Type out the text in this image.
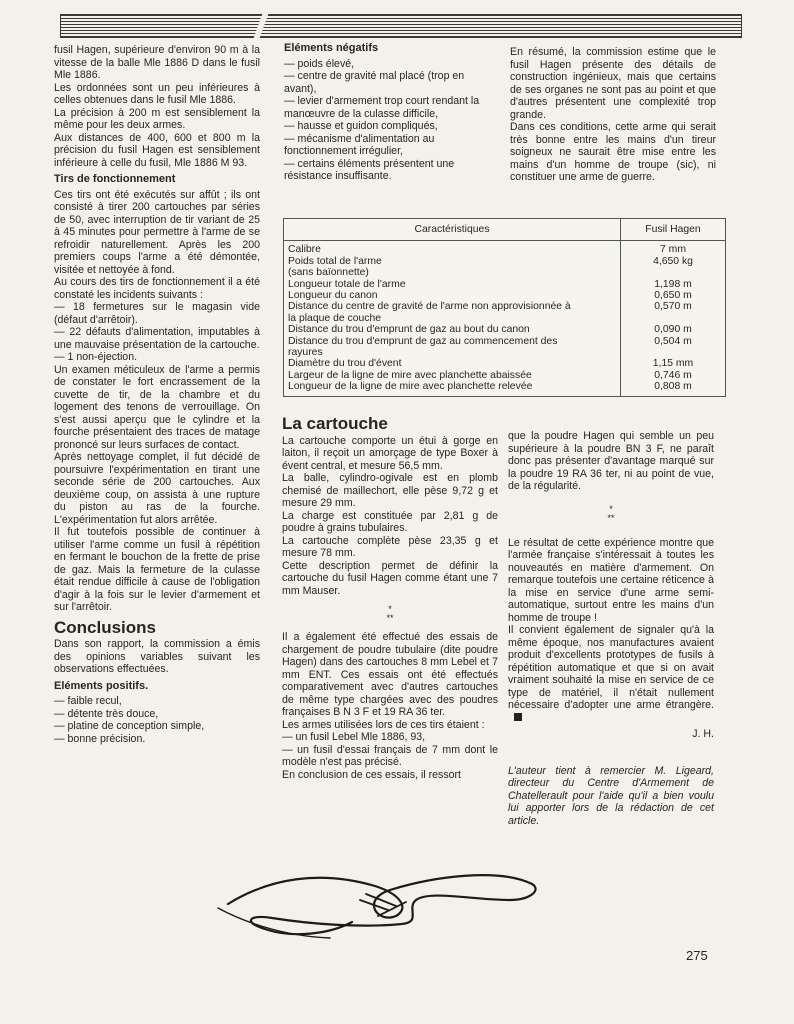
fusil Hagen, supérieure d'environ 90 m à la vitesse de la balle Mle 1886 D dans le fusil Mle 1886.

Les ordonnées sont un peu inférieures à celles obtenues dans le fusil Mle 1886.

La précision à 200 m est sensiblement la même pour les deux armes.

Aux distances de 400, 600 et 800 m la précision du fusil Hagen est sensiblement inférieure à celle du fusil, Mle 1886 M 93.

Tirs de fonctionnement

Ces tirs ont été exécutés sur affût ; ils ont consisté à tirer 200 cartouches par séries de 50, avec interruption de tir variant de 25 à 45 minutes pour permettre à l'arme de se refroidir naturellement. Après les 200 premiers coups l'arme a été démontée, visitée et nettoyée à fond.

Au cours des tirs de fonctionnement il a été constaté les incidents suivants :

— 18 fermetures sur le magasin vide (défaut d'arrêtoir).

— 22 défauts d'alimentation, imputables à une mauvaise présentation de la cartouche.

— 1 non-éjection.

Un examen méticuleux de l'arme a permis de constater le fort encrassement de la cuvette de tir, de la chambre et du logement des tenons de verrouillage. On s'est aussi aperçu que le cylindre et la fourche présentaient des traces de matage prononcé sur leurs surfaces de contact.

Après nettoyage complet, il fut décidé de poursuivre l'expérimentation en tirant une seconde série de 200 cartouches. Aux deuxième coup, on assista à une rupture du piston au ras de la fourche. L'expérimentation fut alors arrêtée.

Il fut toutefois possible de continuer à utiliser l'arme comme un fusil à répétition en fermant le bouchon de la frette de prise de gaz. Mais la fermeture de la culasse était rendue difficile à cause de l'obligation d'agir à la fois sur le levier d'armement et sur l'arrêtoir.

Conclusions

Dans son rapport, la commission a émis des opinions variables suivant les observations effectuées.

Eléments positifs.
— faible recul,
— détente très douce,
— platine de conception simple,
— bonne précision.
Eléments négatifs
— poids élevé,
— centre de gravité mal placé (trop en avant),
— levier d'armement trop court rendant la manœuvre de la culasse difficile,
— hausse et guidon compliqués,
— mécanisme d'alimentation au fonctionnement irrégulier,
— certains éléments présentent une résistance insuffisante.

En résumé, la commission estime que le fusil Hagen présente des détails de construction ingénieux, mais que certains de ses organes ne sont pas au point et que d'autres présentent une complexité trop grande.

Dans ces conditions, cette arme qui serait très bonne entre les mains d'un tireur soigneux ne saurait être mise entre les mains d'un homme de troupe (sic), ni constituer une arme de guerre.

Caractéristiques	Fusil Hagen
Calibre	7 mm
Poids total de l'arme	4,650 kg
(sans baïonnette)	
Longueur totale de l'arme	1,198 m
Longueur du canon	0,650 m
Distance du centre de gravité de l'arme non approvisionnée à	0,570 m
la plaque de couche	
Distance du trou d'emprunt de gaz au bout du canon	0,090 m
Distance du trou d'emprunt de gaz au commencement des	0,504 m
rayures	
Diamètre du trou d'évent	1,15 mm
Largeur de la ligne de mire avec planchette abaissée	0,746 m
Longueur de la ligne de mire avec planchette relevée	0,808 m
La cartouche

La cartouche comporte un étui à gorge en laiton, il reçoit un amorçage de type Boxer à évent central, et mesure 56,5 mm.

La balle, cylindro-ogivale est en plomb chemisé de maillechort, elle pèse 9,72 g et mesure 29 mm.

La charge est constituée par 2,81 g de poudre à grains tubulaires.

La cartouche complète pèse 23,35 g et mesure 78 mm.

Cette description permet de définir la cartouche du fusil Hagen comme étant une 7 mm Mauser.

*
**

Il a également été effectué des essais de chargement de poudre tubulaire (dite poudre Hagen) dans des cartouches 8 mm Lebel et 7 mm ENT. Ces essais ont été effectués comparativement avec d'autres cartouches de même type chargées avec des poudres françaises B N 3 F et 19 RA 36 ter.

Les armes utilisées lors de ces tirs étaient :

— un fusil Lebel Mle 1886, 93,

— un fusil d'essai français de 7 mm dont le modèle n'est pas précisé.

En conclusion de ces essais, il ressort

que la poudre Hagen qui semble un peu supérieure à la poudre BN 3 F, ne paraît donc pas présenter d'avantage marqué sur la poudre 19 RA 36 ter, ni au point de vue, de la régularité.

*
**

Le résultat de cette expérience montre que l'armée française s'intéressait à toutes les nouveautés en matière d'armement. On remarque toutefois une certaine réticence à la mise en service d'une arme semi-automatique, surtout entre les mains d'un homme de troupe !

Il convient également de signaler qu'à la même époque, nos manufactures avaient produit d'excellents prototypes de fusils à répétition automatique et que si on avait vraiment souhaité la mise en service de ce type de matériel, il n'était nullement nécessaire d'adopter une arme étrangère.

J. H.

L'auteur tient à remercier M. Ligeard, directeur du Centre d'Armement de Chatellerault pour l'aide qu'il a bien voulu lui apporter lors de la rédaction de cet article.

275
